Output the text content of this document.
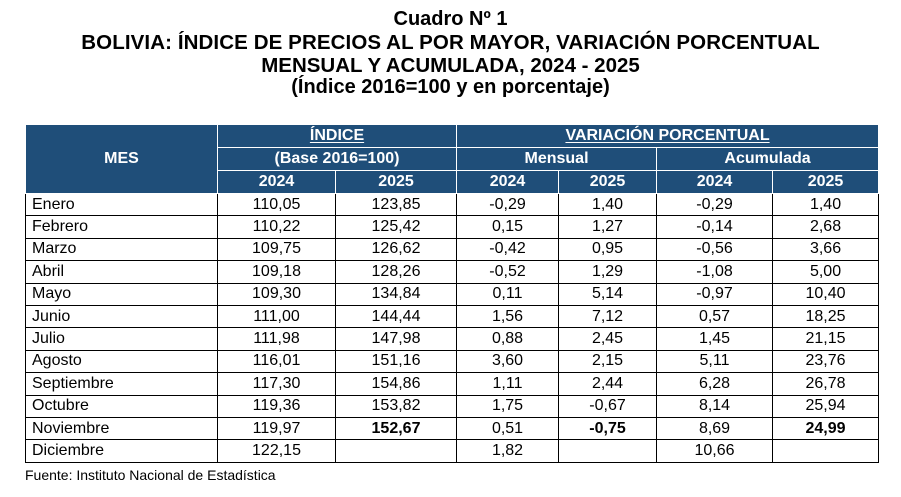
Cuadro Nº 1
BOLIVIA: ÍNDICE DE PRECIOS AL POR MAYOR, VARIACIÓN PORCENTUAL
MENSUAL Y ACUMULADA, 2024 - 2025
(Índice 2016=100 y en porcentaje)
MES	ÍNDICE		VARIACIÓN PORCENTUAL			
	(Base 2016=100)		Mensual		Acumulada	
	2024	2025	2024	2025	2024	2025
Enero	110,05	123,85	-0,29	1,40	-0,29	1,40
Febrero	110,22	125,42	0,15	1,27	-0,14	2,68
Marzo	109,75	126,62	-0,42	0,95	-0,56	3,66
Abril	109,18	128,26	-0,52	1,29	-1,08	5,00
Mayo	109,30	134,84	0,11	5,14	-0,97	10,40
Junio	111,00	144,44	1,56	7,12	0,57	18,25
Julio	111,98	147,98	0,88	2,45	1,45	21,15
Agosto	116,01	151,16	3,60	2,15	5,11	23,76
Septiembre	117,30	154,86	1,11	2,44	6,28	26,78
Octubre	119,36	153,82	1,75	-0,67	8,14	25,94
Noviembre	119,97	152,67	0,51	-0,75	8,69	24,99
Diciembre	122,15		1,82		10,66	
Fuente: Instituto Nacional de Estadística
